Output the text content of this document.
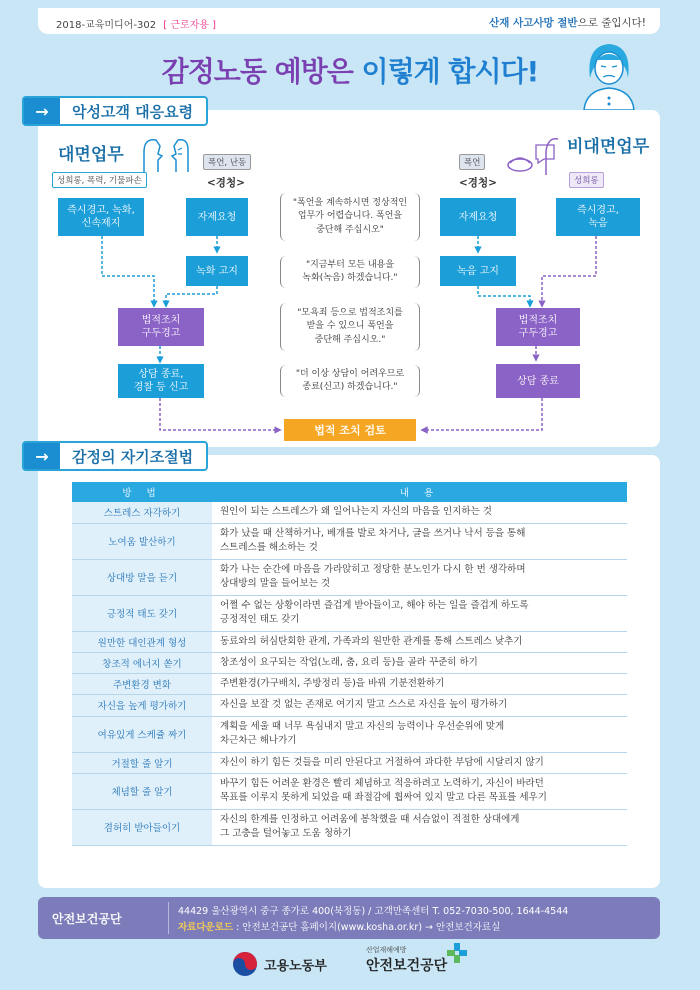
2018-교육미디어-302 [ 근로자용 ]	산재 사고사망 절반으로 줄입시다!
감정노동 예방은 이렇게 합시다!
→	악성고객 대응요령
대면업무
성희롱, 폭력, 기물파손
폭언, 난동
<경청>
비대면업무
성희롱
폭언
<경청>
즉시경고, 녹화,
신속제지
자제요청
녹화 고지
법적조치
구두경고
상담 종료,
경찰 등 신고
"폭언을 계속하시면 정상적인
업무가 어렵습니다. 폭언을
중단해 주십시오"
"지금부터 모든 내용을
녹화(녹음) 하겠습니다."
"모욕죄 등으로 법적조치를
받을 수 있으니 폭언을
중단해 주십시오."
"더 이상 상담이 어려우므로
종료(신고) 하겠습니다."
자제요청
즉시경고,
녹음
녹음 고지
법적조치
구두경고
상담 종료
법적 조치 검토
→	감정의 자기조절법
방 법	내 용
스트레스 자각하기	원인이 되는 스트레스가 왜 일어나는지 자신의 마음을 인지하는 것
노여움 발산하기	화가 났을 때 산책하거나, 베개를 발로 차거나, 글을 쓰거나 낙서 등을 통해
스트레스를 해소하는 것
상대방 말을 듣기	화가 나는 순간에 마음을 가라앉히고 정당한 분노인가 다시 한 번 생각하며
상대방의 말을 들어보는 것
긍정적 태도 갖기	어쩔 수 없는 상황이라면 즐겁게 받아들이고, 해야 하는 일을 즐겁게 하도록
긍정적인 태도 갖기
원만한 대인관계 형성	동료와의 허심탄회한 관계, 가족과의 원만한 관계를 통해 스트레스 낮추기
창조적 에너지 쏟기	창조성이 요구되는 작업(노래, 춤, 요리 등)을 골라 꾸준히 하기
주변환경 변화	주변환경(가구배치, 주방정리 등)을 바꿔 기분전환하기
자신을 높게 평가하기	자신을 보잘 것 없는 존재로 여기지 말고 스스로 자신을 높이 평가하기
여유있게 스케쥴 짜기	계획을 세울 때 너무 욕심내지 말고 자신의 능력이나 우선순위에 맞게
차근차근 해나가기
거절할 줄 알기	자신이 하기 힘든 것들을 미리 안된다고 거절하여 과다한 부담에 시달리지 않기
체념할 줄 알기	바꾸기 힘든 어려운 환경은 빨리 체념하고 적응하려고 노력하기, 자신이 바라던
목표를 이루지 못하게 되었을 때 좌절감에 휩싸여 있지 말고 다른 목표를 세우기
겸허히 받아들이기	자신의 한계를 인정하고 어려움에 봉착했을 때 서슴없이 적절한 상대에게
그 고충을 털어놓고 도움 청하기
안전보건공단
44429 울산광역시 중구 종가로 400(북정동) / 고객만족센터 T. 052-7030-500, 1644-4544
자료다운로드 : 안전보건공단 홈페이지(www.kosha.or.kr) → 안전보건자료실
고용노동부
산업재해예방
안전보건공단
